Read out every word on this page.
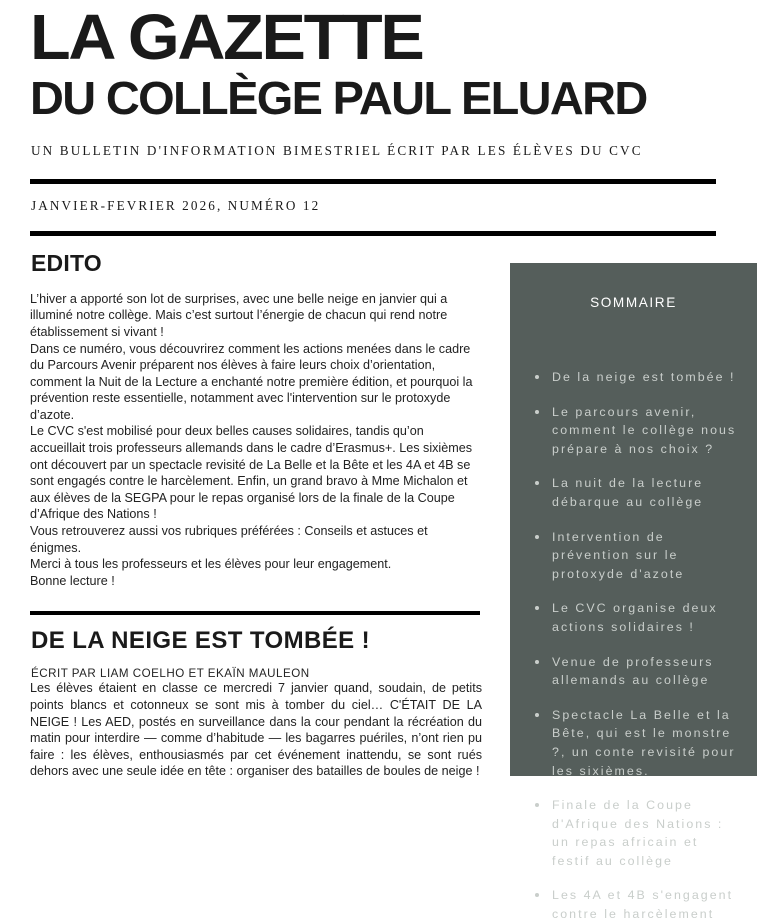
LA GAZETTE
DU COLLÈGE PAUL ELUARD
UN BULLETIN D'INFORMATION BIMESTRIEL ÉCRIT PAR LES ÉLÈVES DU CVC
JANVIER-FEVRIER 2026, NUMÉRO 12
EDITO

L’hiver a apporté son lot de surprises, avec une belle neige en janvier qui a illuminé notre collège. Mais c’est surtout l’énergie de chacun qui rend notre établissement si vivant !

Dans ce numéro, vous découvrirez comment les actions menées dans le cadre du Parcours Avenir préparent nos élèves à faire leurs choix d’orientation, comment la Nuit de la Lecture a enchanté notre première édition, et pourquoi la prévention reste essentielle, notamment avec l'intervention sur le protoxyde d’azote.

Le CVC s'est mobilisé pour deux belles causes solidaires, tandis qu’on accueillait trois professeurs allemands dans le cadre d’Erasmus+. Les sixièmes ont découvert par un spectacle revisité de La Belle et la Bête et les 4A et 4B se sont engagés contre le harcèlement. Enfin, un grand bravo à Mme Michalon et aux élèves de la SEGPA pour le repas organisé lors de la finale de la Coupe d’Afrique des Nations !

Vous retrouverez aussi vos rubriques préférées : Conseils et astuces et énigmes.

Merci à tous les professeurs et les élèves pour leur engagement.

Bonne lecture !

DE LA NEIGE EST TOMBÉE !
ÉCRIT PAR LIAM COELHO ET EKAÏN MAULEON

Les élèves étaient en classe ce mercredi 7 janvier quand, soudain, de petits points blancs et cotonneux se sont mis à tomber du ciel… C'ÉTAIT DE LA NEIGE ! Les AED, postés en surveillance dans la cour pendant la récréation du matin pour interdire — comme d’habitude — les bagarres puériles, n’ont rien pu faire : les élèves, enthousiasmés par cet événement inattendu, se sont rués dehors avec une seule idée en tête : organiser des batailles de boules de neige !

SOMMAIRE
De la neige est tombée !
Le parcours avenir, comment le collège nous prépare à nos choix ?
La nuit de la lecture débarque au collège
Intervention de prévention sur le protoxyde d'azote
Le CVC organise deux actions solidaires !
Venue de professeurs allemands au collège
Spectacle La Belle et la Bête, qui est le monstre ?, un conte revisité pour les sixièmes.
Finale de la Coupe d'Afrique des Nations : un repas africain et festif au collège
Les 4A et 4B s'engagent contre le harcèlement
